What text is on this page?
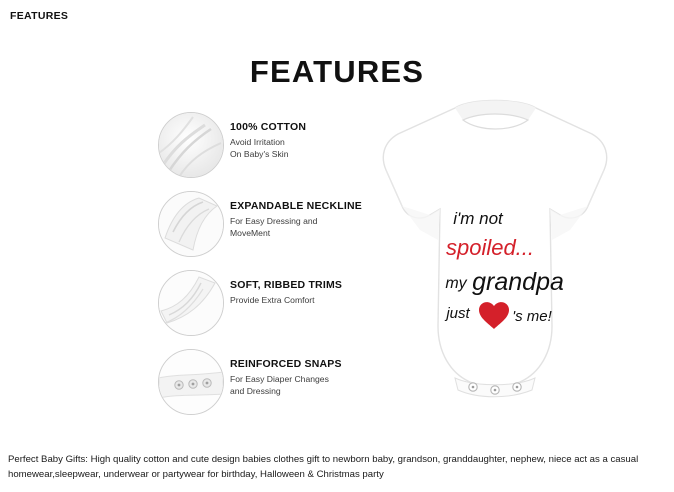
FEATURES
FEATURES
100% COTTON
Avoid Irritation
On Baby's Skin
EXPANDABLE NECKLINE
For Easy Dressing and
MoveMent
SOFT, RIBBED TRIMS
Provide Extra Comfort
REINFORCED SNAPS
For Easy Diaper Changes
and Dressing
i'm not
spoiled...
my grandpa
just	's me!
Perfect Baby Gifts: High quality cotton and cute design babies clothes gift to newborn baby, grandson, granddaughter, nephew, niece act as a casual homewear,sleepwear, underwear or partywear for birthday, Halloween & Christmas party
